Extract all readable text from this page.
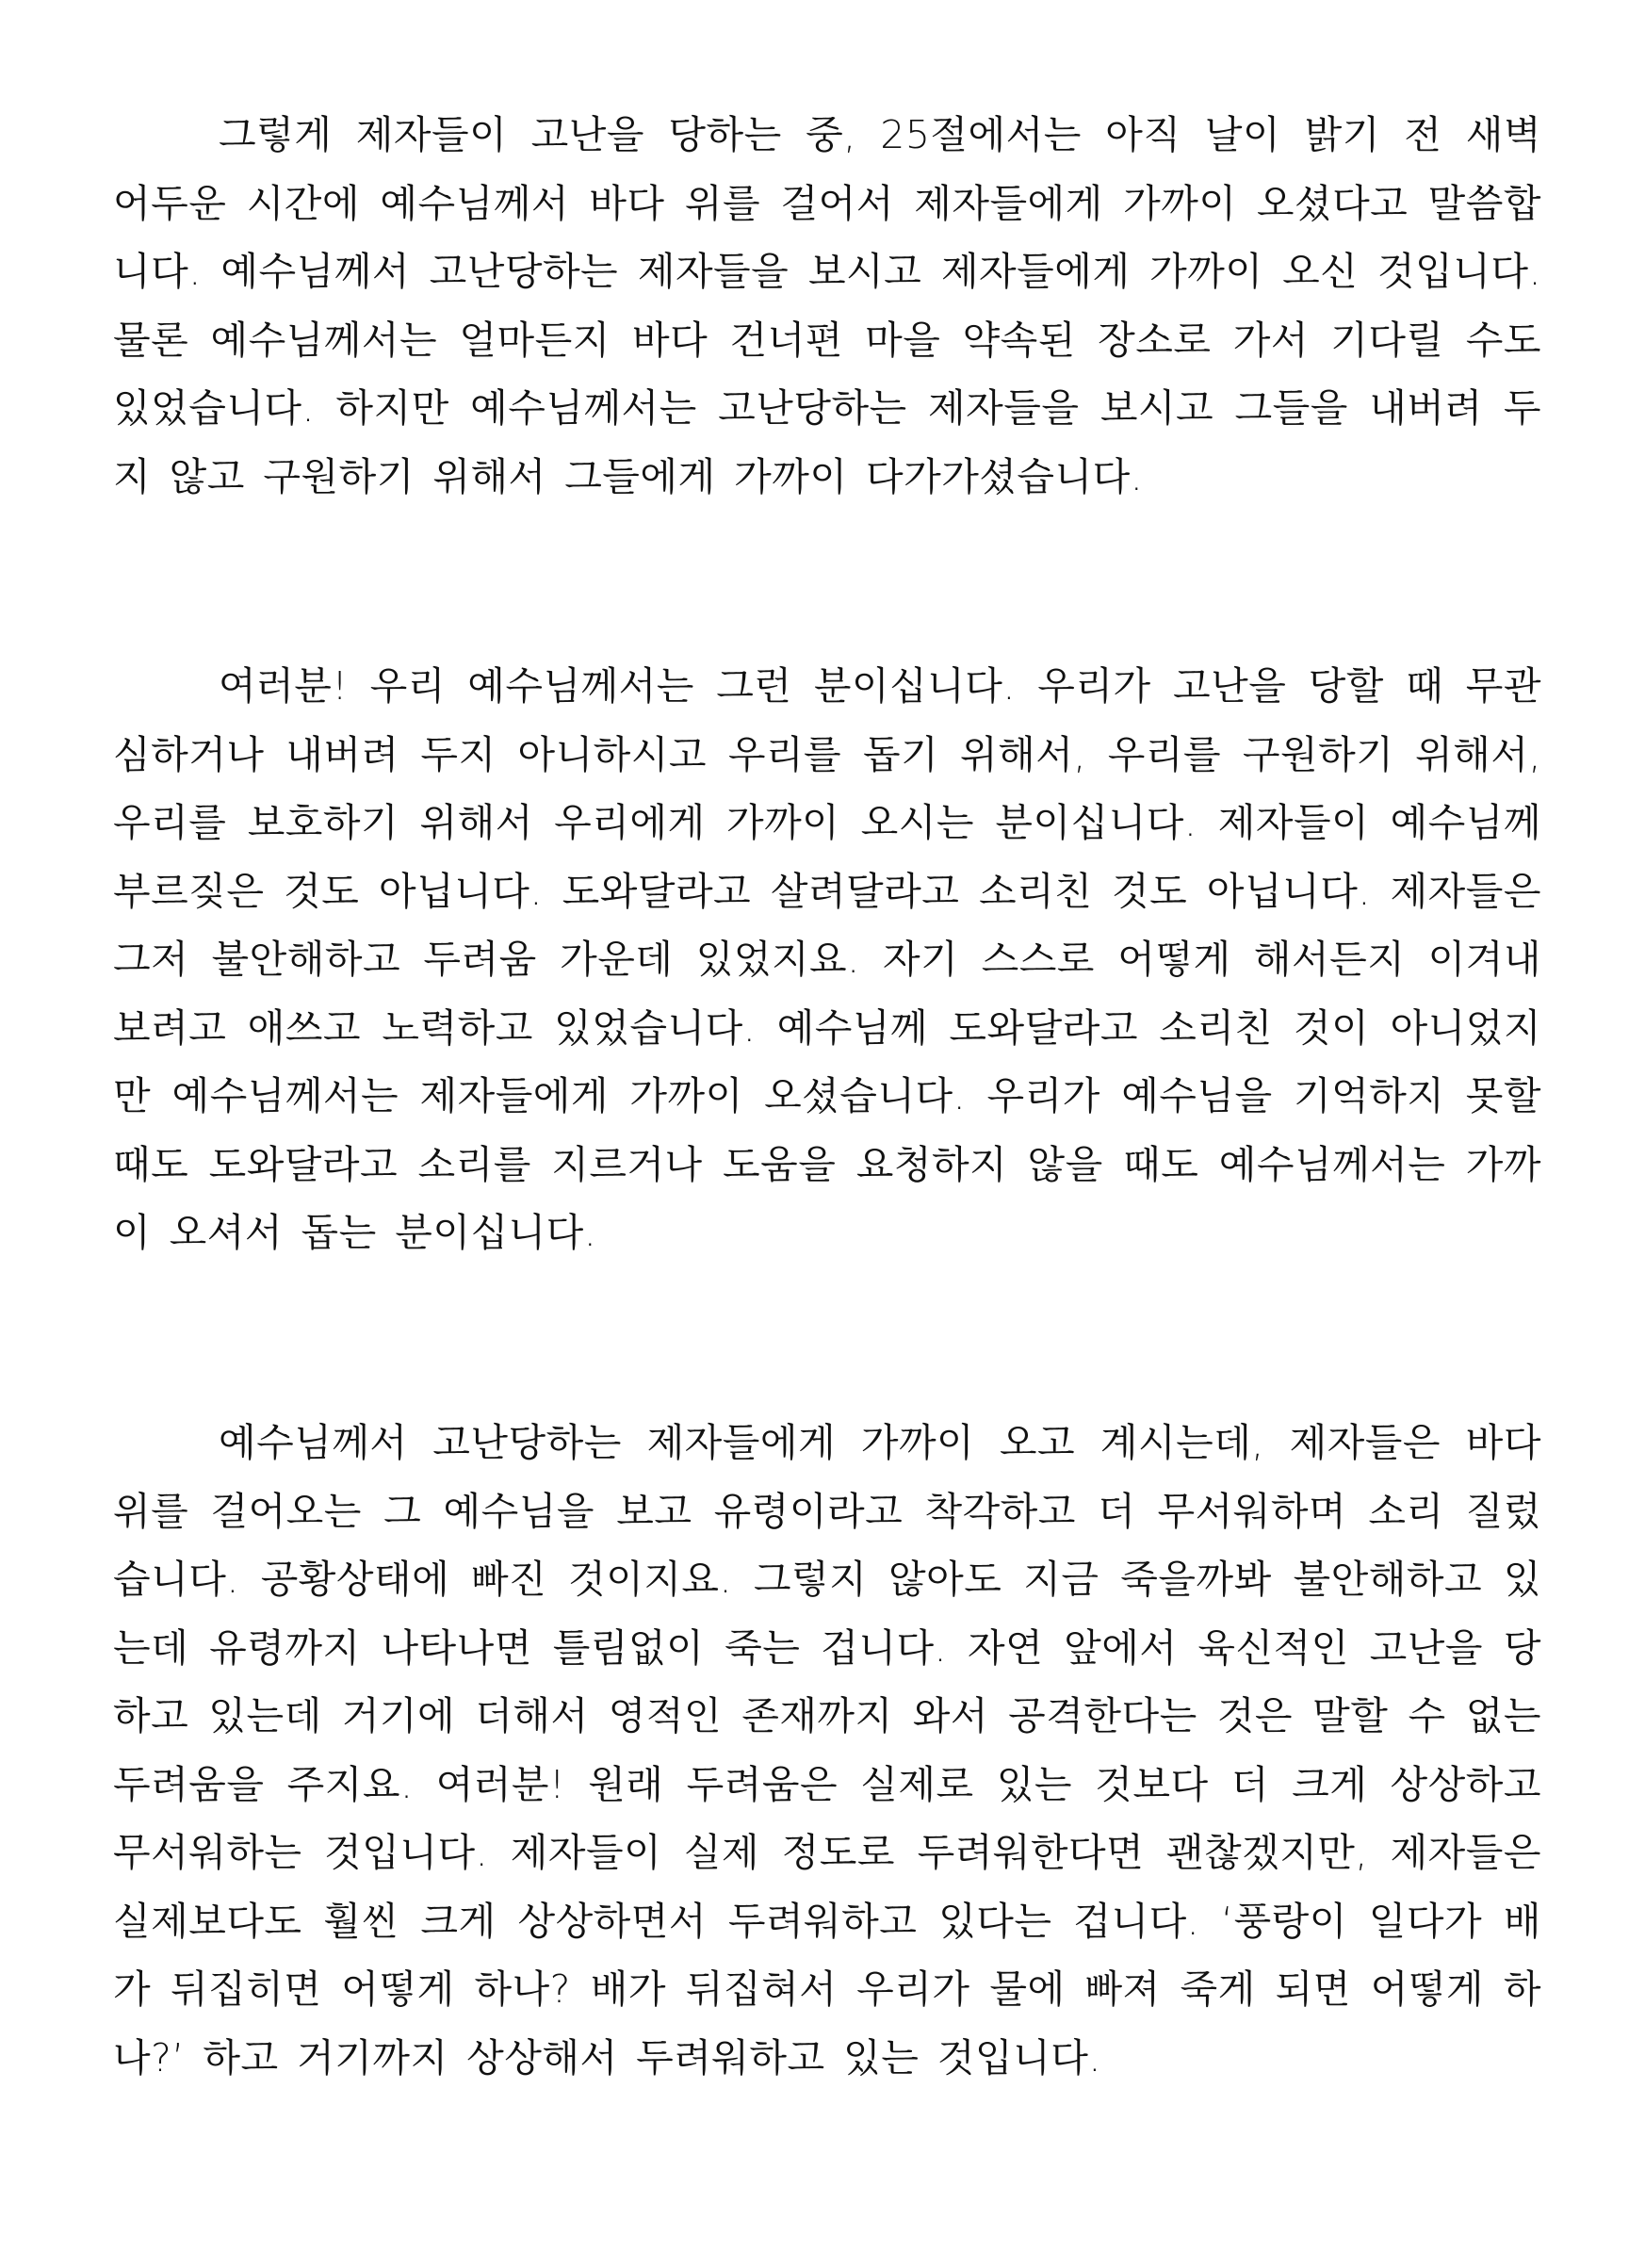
그렇게 제자들이 고난을 당하는 중, 25절에서는 아직 날이 밝기 전 새벽 어두운 시간에 예수님께서 바다 위를 걸어서 제자들에게 가까이 오셨다고 말씀합니다. 예수님께서 고난당하는 제자들을 보시고 제자들에게 가까이 오신 것입니다. 물론 예수님께서는 얼마든지 바다 건너편 마을 약속된 장소로 가서 기다릴 수도 있었습니다. 하지만 예수님께서는 고난당하는 제자들을 보시고 그들을 내버려 두지 않고 구원하기 위해서 그들에게 가까이 다가가셨습니다.

여러분! 우리 예수님께서는 그런 분이십니다. 우리가 고난을 당할 때 무관심하거나 내버려 두지 아니하시고 우리를 돕기 위해서, 우리를 구원하기 위해서, 우리를 보호하기 위해서 우리에게 가까이 오시는 분이십니다. 제자들이 예수님께 부르짖은 것도 아닙니다. 도와달라고 살려달라고 소리친 것도 아닙니다. 제자들은 그저 불안해하고 두려움 가운데 있었지요. 자기 스스로 어떻게 해서든지 이겨내 보려고 애쓰고 노력하고 있었습니다. 예수님께 도와달라고 소리친 것이 아니었지만 예수님께서는 제자들에게 가까이 오셨습니다. 우리가 예수님을 기억하지 못할 때도 도와달라고 소리를 지르거나 도움을 요청하지 않을 때도 예수님께서는 가까이 오셔서 돕는 분이십니다.

예수님께서 고난당하는 제자들에게 가까이 오고 계시는데, 제자들은 바다 위를 걸어오는 그 예수님을 보고 유령이라고 착각하고 더 무서워하며 소리 질렀습니다. 공황상태에 빠진 것이지요. 그렇지 않아도 지금 죽을까봐 불안해하고 있는데 유령까지 나타나면 틀림없이 죽는 겁니다. 자연 앞에서 육신적인 고난을 당하고 있는데 거기에 더해서 영적인 존재까지 와서 공격한다는 것은 말할 수 없는 두려움을 주지요. 여러분! 원래 두려움은 실제로 있는 것보다 더 크게 상상하고 무서워하는 것입니다. 제자들이 실제 정도로 두려워한다면 괜찮겠지만, 제자들은 실제보다도 훨씬 크게 상상하면서 두려워하고 있다는 겁니다. ‘풍랑이 일다가 배가 뒤집히면 어떻게 하나? 배가 뒤집혀서 우리가 물에 빠져 죽게 되면 어떻게 하나?’ 하고 거기까지 상상해서 두려워하고 있는 것입니다.
